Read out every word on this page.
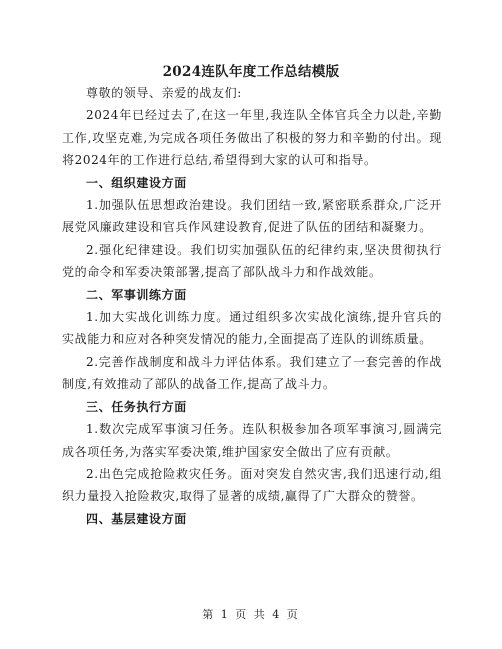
2024连队年度工作总结模版

尊敬的领导、亲爱的战友们:

2024年已经过去了,在这一年里,我连队全体官兵全力以赴,辛勤工作,攻坚克难,为完成各项任务做出了积极的努力和辛勤的付出。现将2024年的工作进行总结,希望得到大家的认可和指导。

一、组织建设方面

1.加强队伍思想政治建设。我们团结一致,紧密联系群众,广泛开展党风廉政建设和官兵作风建设教育,促进了队伍的团结和凝聚力。

2.强化纪律建设。我们切实加强队伍的纪律约束,坚决贯彻执行党的命令和军委决策部署,提高了部队战斗力和作战效能。

二、军事训练方面

1.加大实战化训练力度。通过组织多次实战化演练,提升官兵的实战能力和应对各种突发情况的能力,全面提高了连队的训练质量。

2.完善作战制度和战斗力评估体系。我们建立了一套完善的作战制度,有效推动了部队的战备工作,提高了战斗力。

三、任务执行方面

1.数次完成军事演习任务。连队积极参加各项军事演习,圆满完成各项任务,为落实军委决策,维护国家安全做出了应有贡献。

2.出色完成抢险救灾任务。面对突发自然灾害,我们迅速行动,组织力量投入抢险救灾,取得了显著的成绩,赢得了广大群众的赞誉。

四、基层建设方面
第 1 页 共 4 页
